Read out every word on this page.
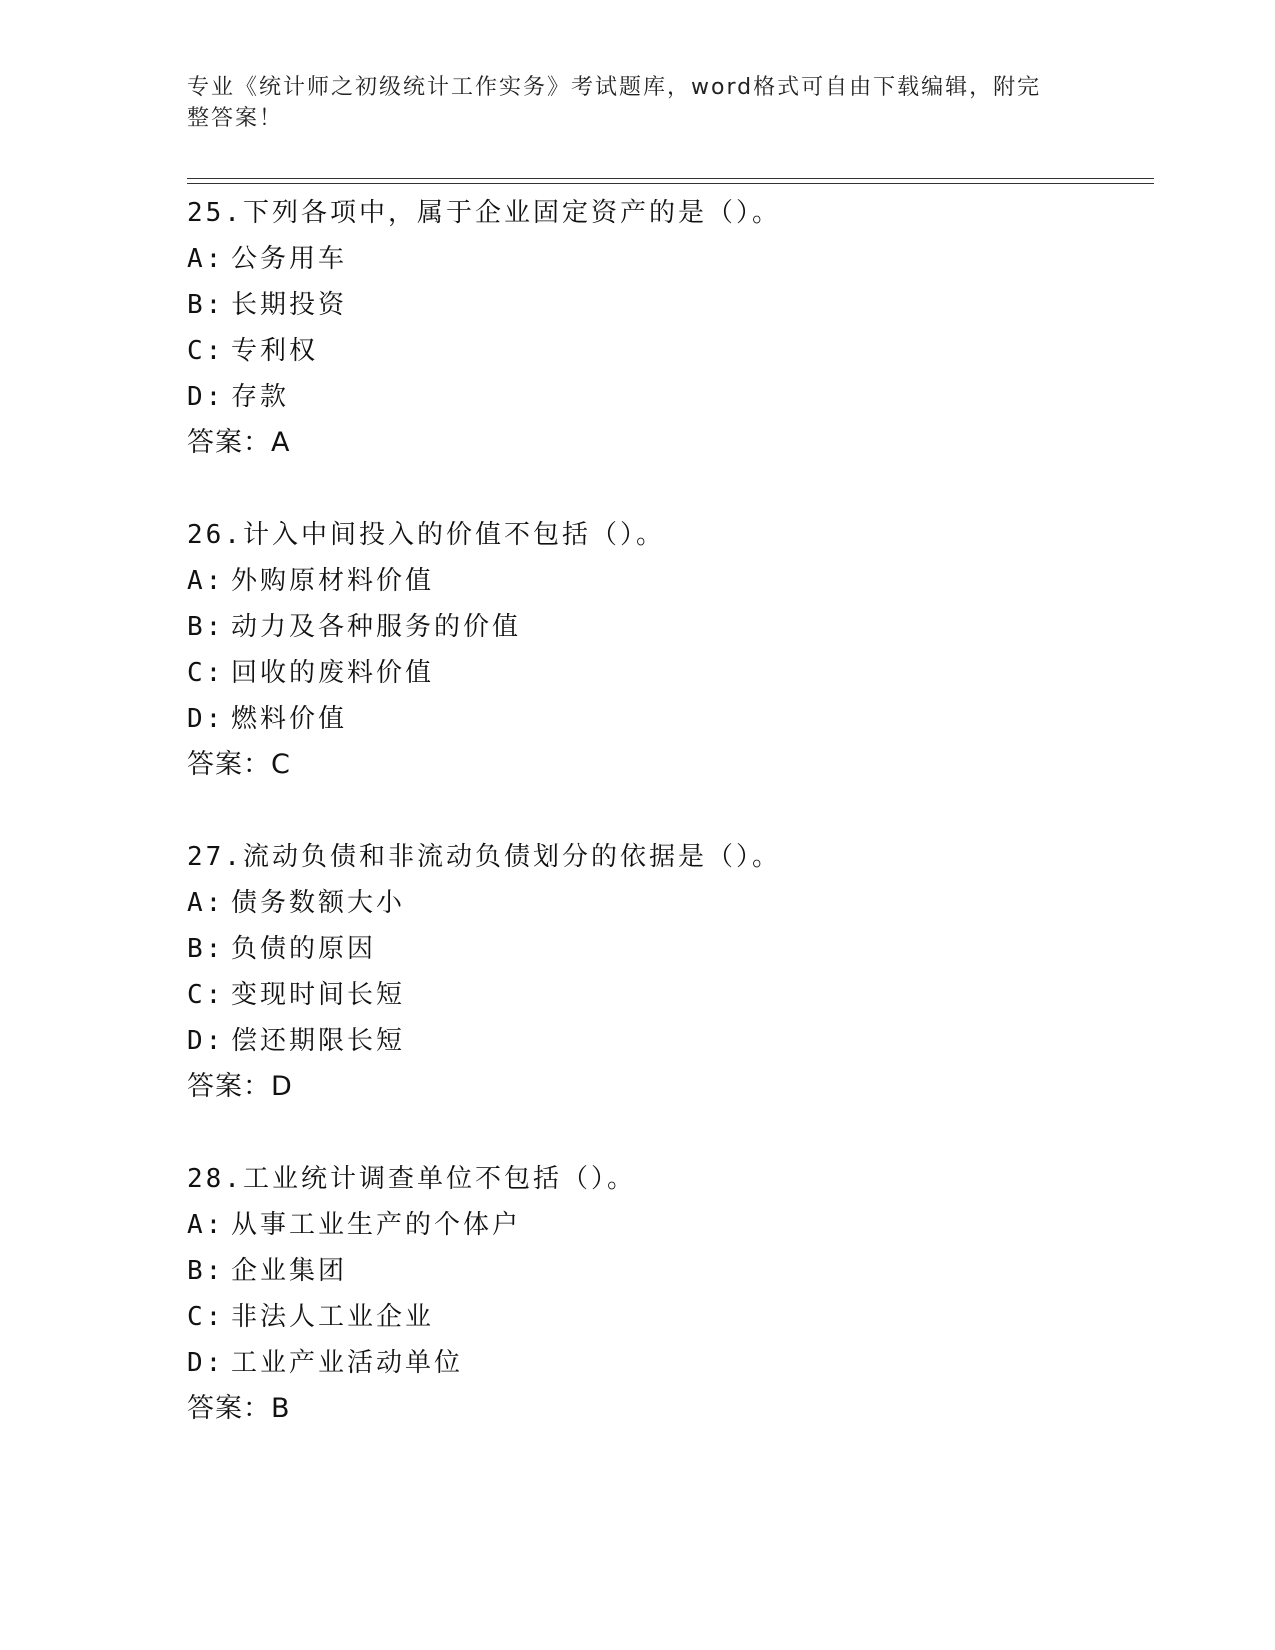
专业《统计师之初级统计工作实务》考试题库，word格式可自由下载编辑，附完
整答案！
25.下列各项中，属于企业固定资产的是（）。
A: 公务用车
B: 长期投资
C: 专利权
D: 存款
答案：A
26.计入中间投入的价值不包括（）。
A: 外购原材料价值
B: 动力及各种服务的价值
C: 回收的废料价值
D: 燃料价值
答案：C
27.流动负债和非流动负债划分的依据是（）。
A: 债务数额大小
B: 负债的原因
C: 变现时间长短
D: 偿还期限长短
答案：D
28.工业统计调查单位不包括（）。
A: 从事工业生产的个体户
B: 企业集团
C: 非法人工业企业
D: 工业产业活动单位
答案：B
